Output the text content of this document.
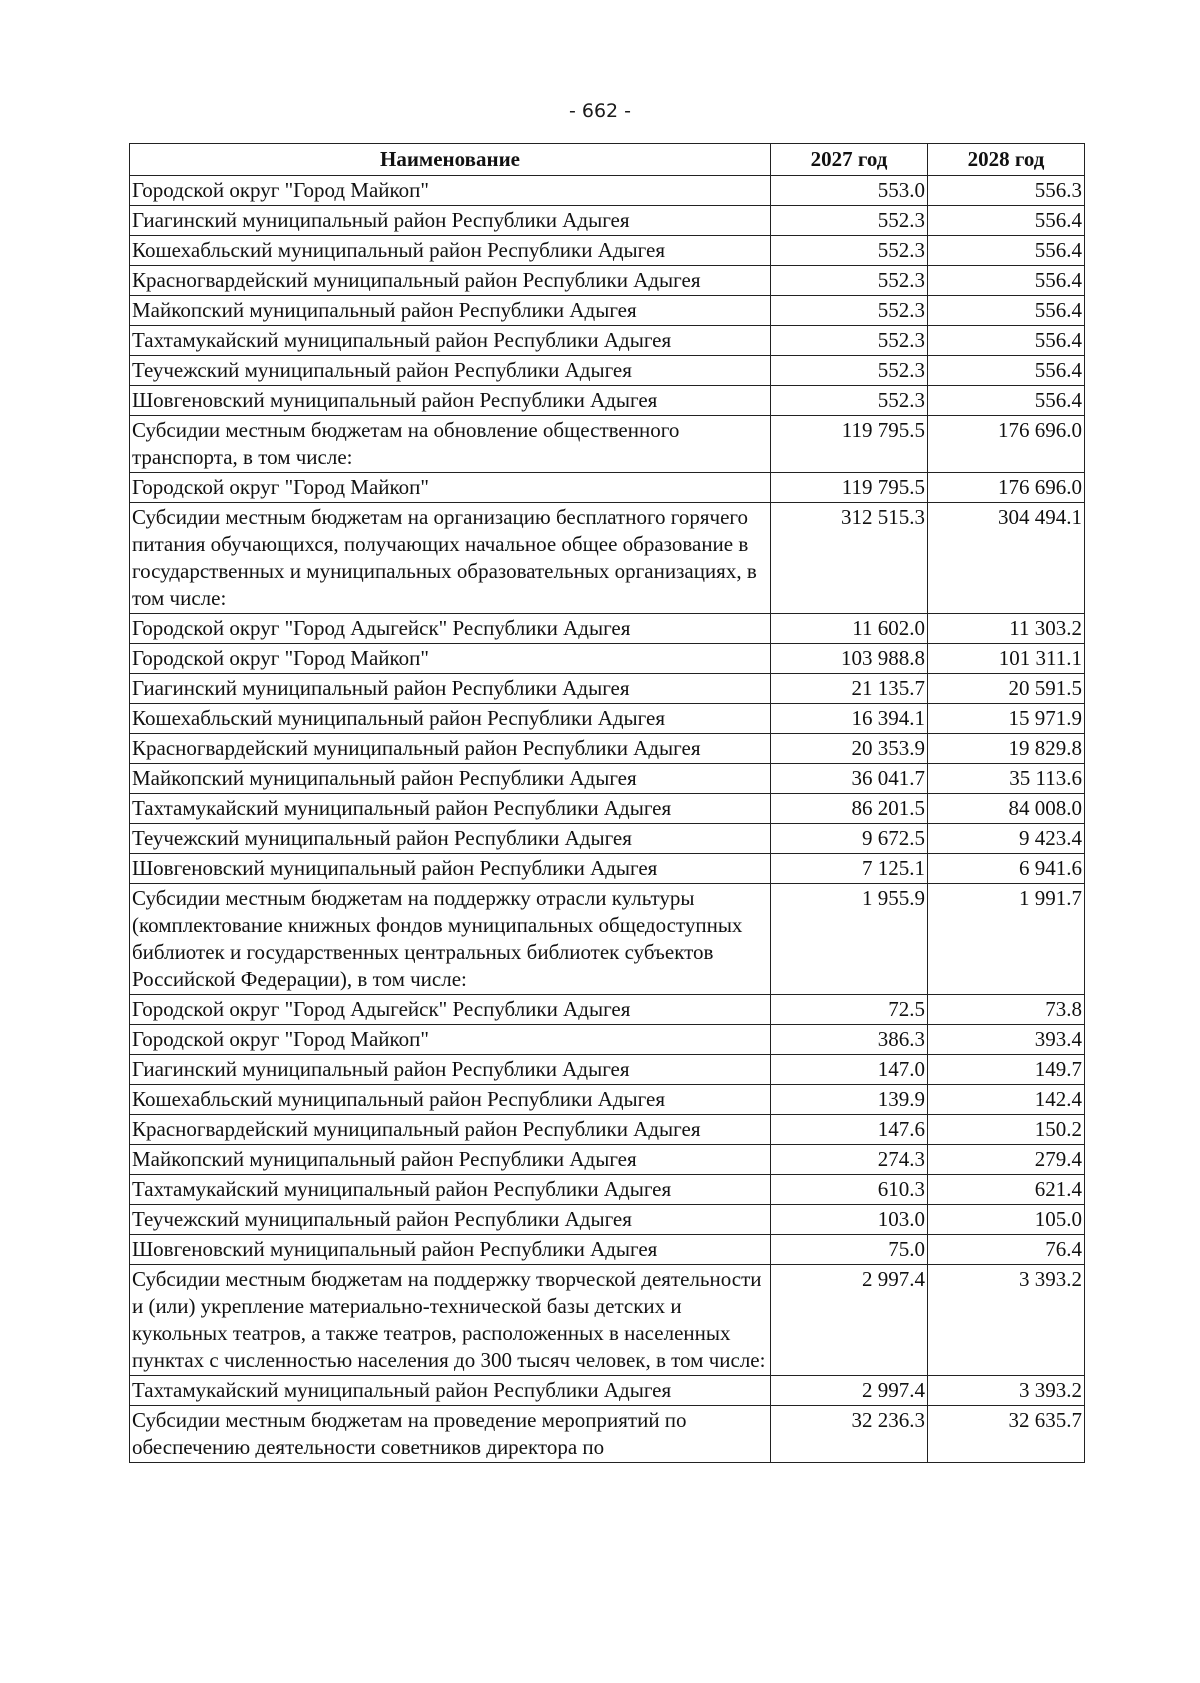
- 662 -
Наименование	2027 год	2028 год
Городской округ "Город Майкоп"	553.0	556.3
Гиагинский муниципальный район Республики Адыгея	552.3	556.4
Кошехабльский муниципальный район Республики Адыгея	552.3	556.4
Красногвардейский муниципальный район Республики Адыгея	552.3	556.4
Майкопский муниципальный район Республики Адыгея	552.3	556.4
Тахтамукайский муниципальный район Республики Адыгея	552.3	556.4
Теучежский муниципальный район Республики Адыгея	552.3	556.4
Шовгеновский муниципальный район Республики Адыгея	552.3	556.4
Субсидии местным бюджетам на обновление общественного транспорта, в том числе:	119 795.5	176 696.0
Городской округ "Город Майкоп"	119 795.5	176 696.0
Субсидии местным бюджетам на организацию бесплатного горячего питания обучающихся, получающих начальное общее образование в государственных и муниципальных образовательных организациях, в том числе:	312 515.3	304 494.1
Городской округ "Город Адыгейск" Республики Адыгея	11 602.0	11 303.2
Городской округ "Город Майкоп"	103 988.8	101 311.1
Гиагинский муниципальный район Республики Адыгея	21 135.7	20 591.5
Кошехабльский муниципальный район Республики Адыгея	16 394.1	15 971.9
Красногвардейский муниципальный район Республики Адыгея	20 353.9	19 829.8
Майкопский муниципальный район Республики Адыгея	36 041.7	35 113.6
Тахтамукайский муниципальный район Республики Адыгея	86 201.5	84 008.0
Теучежский муниципальный район Республики Адыгея	9 672.5	9 423.4
Шовгеновский муниципальный район Республики Адыгея	7 125.1	6 941.6
Субсидии местным бюджетам на поддержку отрасли культуры (комплектование книжных фондов муниципальных общедоступных библиотек и государственных центральных библиотек субъектов Российской Федерации), в том числе:	1 955.9	1 991.7
Городской округ "Город Адыгейск" Республики Адыгея	72.5	73.8
Городской округ "Город Майкоп"	386.3	393.4
Гиагинский муниципальный район Республики Адыгея	147.0	149.7
Кошехабльский муниципальный район Республики Адыгея	139.9	142.4
Красногвардейский муниципальный район Республики Адыгея	147.6	150.2
Майкопский муниципальный район Республики Адыгея	274.3	279.4
Тахтамукайский муниципальный район Республики Адыгея	610.3	621.4
Теучежский муниципальный район Республики Адыгея	103.0	105.0
Шовгеновский муниципальный район Республики Адыгея	75.0	76.4
Субсидии местным бюджетам на поддержку творческой деятельности и (или) укрепление материально-технической базы детских и кукольных театров, а также театров, расположенных в населенных пунктах с численностью населения до 300 тысяч человек, в том числе:	2 997.4	3 393.2
Тахтамукайский муниципальный район Республики Адыгея	2 997.4	3 393.2
Субсидии местным бюджетам на проведение мероприятий по обеспечению деятельности советников директора по	32 236.3	32 635.7
